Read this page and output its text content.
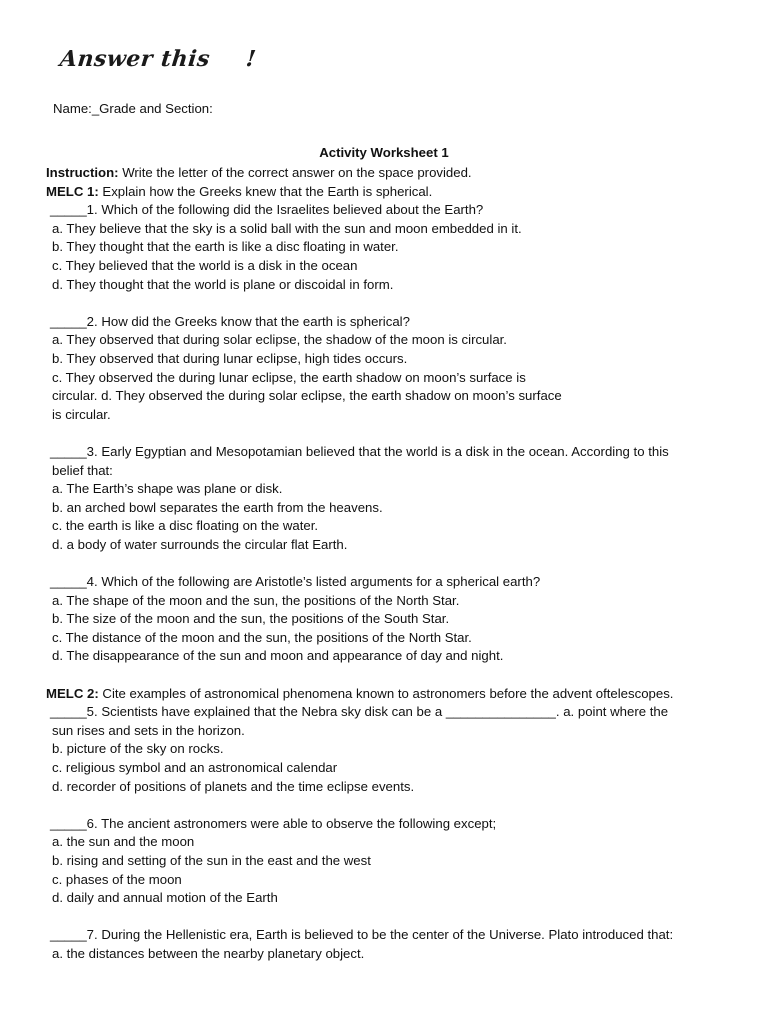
Answer this !
Name:_Grade and Section:
Activity Worksheet 1
Instruction: Write the letter of the correct answer on the space provided.
MELC 1: Explain how the Greeks knew that the Earth is spherical.
_____1. Which of the following did the Israelites believed about the Earth?
a. They believe that the sky is a solid ball with the sun and moon embedded in it.
b. They thought that the earth is like a disc floating in water.
c. They believed that the world is a disk in the ocean
d. They thought that the world is plane or discoidal in form.
_____2. How did the Greeks know that the earth is spherical?
a. They observed that during solar eclipse, the shadow of the moon is circular.
b. They observed that during lunar eclipse, high tides occurs.
c. They observed the during lunar eclipse, the earth shadow on moon’s surface is
circular. d. They observed the during solar eclipse, the earth shadow on moon’s surface
is circular.
_____3. Early Egyptian and Mesopotamian believed that the world is a disk in the ocean. According to this
belief that:
a. The Earth’s shape was plane or disk.
b. an arched bowl separates the earth from the heavens.
c. the earth is like a disc floating on the water.
d. a body of water surrounds the circular flat Earth.
_____4. Which of the following are Aristotle’s listed arguments for a spherical earth?
a. The shape of the moon and the sun, the positions of the North Star.
b. The size of the moon and the sun, the positions of the South Star.
c. The distance of the moon and the sun, the positions of the North Star.
d. The disappearance of the sun and moon and appearance of day and night.
MELC 2: Cite examples of astronomical phenomena known to astronomers before the advent oftelescopes.
_____5. Scientists have explained that the Nebra sky disk can be a _______________. a. point where the
sun rises and sets in the horizon.
b. picture of the sky on rocks.
c. religious symbol and an astronomical calendar
d. recorder of positions of planets and the time eclipse events.
_____6. The ancient astronomers were able to observe the following except;
a. the sun and the moon
b. rising and setting of the sun in the east and the west
c. phases of the moon
d. daily and annual motion of the Earth
_____7. During the Hellenistic era, Earth is believed to be the center of the Universe. Plato introduced that:
a. the distances between the nearby planetary object.
